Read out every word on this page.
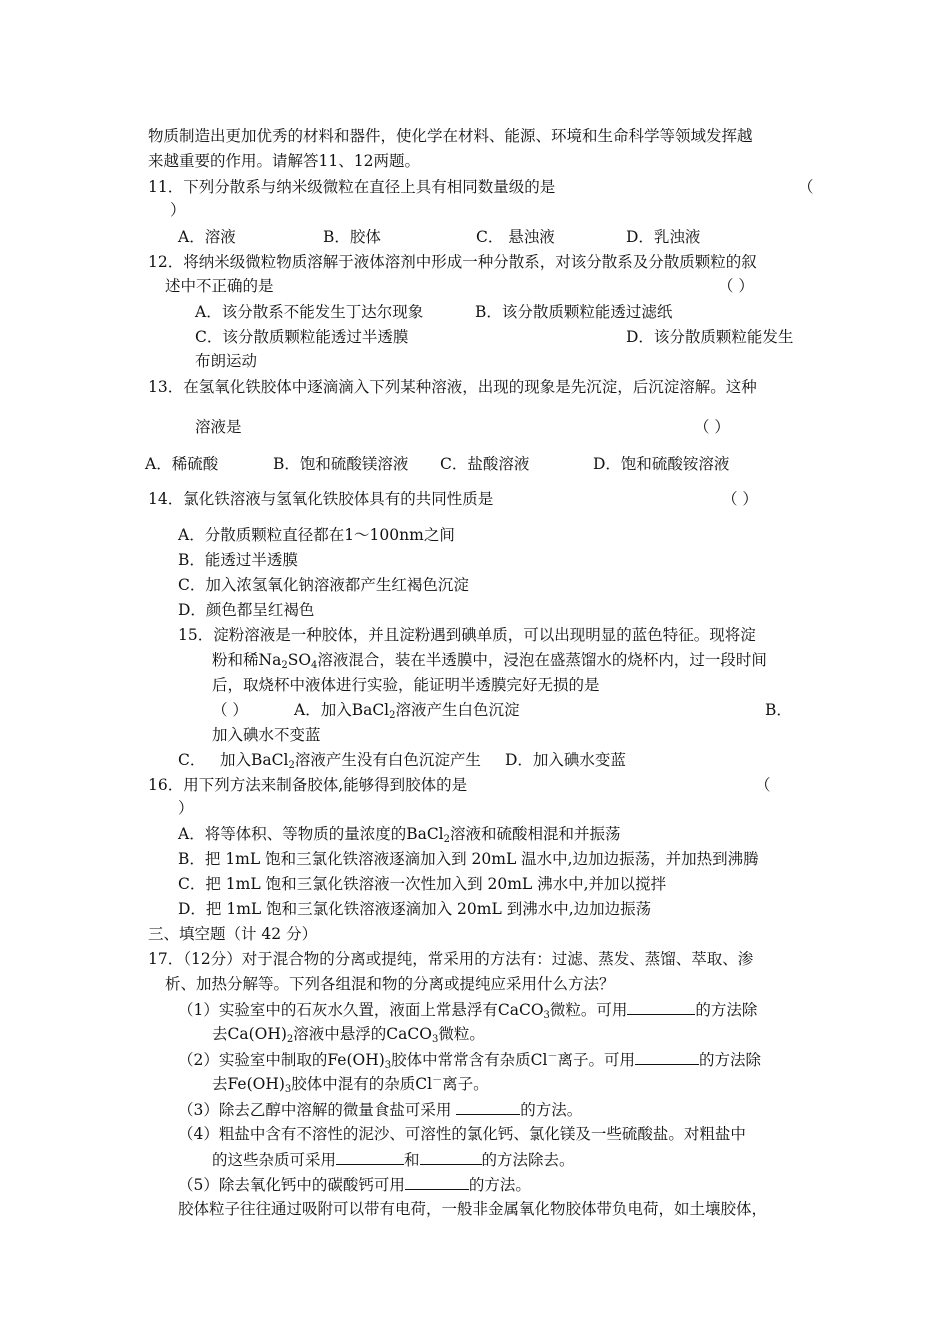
物质制造出更加优秀的材料和器件，使化学在材料、能源、环境和生命科学等领域发挥越
来越重要的作用。请解答11、12两题。
11．下列分散系与纳米级微粒在直径上具有相同数量级的是	（
）
A．溶液	B．胶体	C． 悬浊液	D．乳浊液
12．将纳米级微粒物质溶解于液体溶剂中形成一种分散系，对该分散系及分散质颗粒的叙
述中不正确的是	（ ）
A．该分散系不能发生丁达尔现象	B．该分散质颗粒能透过滤纸
C．该分散质颗粒能透过半透膜	D．该分散质颗粒能发生
布朗运动
13．在氢氧化铁胶体中逐滴滴入下列某种溶液，出现的现象是先沉淀，后沉淀溶解。这种
溶液是	（ ）
A．稀硫酸	B．饱和硫酸镁溶液 C．盐酸溶液	D．饱和硫酸铵溶液
14．氯化铁溶液与氢氧化铁胶体具有的共同性质是	（ ）
A．分散质颗粒直径都在1～100nm之间
B．能透过半透膜
C．加入浓氢氧化钠溶液都产生红褐色沉淀
D．颜色都呈红褐色
15．淀粉溶液是一种胶体，并且淀粉遇到碘单质，可以出现明显的蓝色特征。现将淀
粉和稀$Na_2SO_4$溶液混合，装在半透膜中，浸泡在盛蒸馏水的烧杯内，过一段时间
后，取烧杯中液体进行实验，能证明半透膜完好无损的是
（ ）	A．加入BaCl$_2$溶液产生白色沉淀	B．
加入碘水不变蓝
C． 加入BaCl$_2$溶液产生没有白色沉淀产生 D．加入碘水变蓝
16．用下列方法来制备胶体,能够得到胶体的是	（
）
A．将等体积、等物质的量浓度的BaCl$_2$溶液和硫酸相混和并振荡
B．把 1mL 饱和三氯化铁溶液逐滴加入到 20mL 温水中,边加边振荡，并加热到沸腾
C．把 1mL 饱和三氯化铁溶液一次性加入到 20mL 沸水中,并加以搅拌
D．把 1mL 饱和三氯化铁溶液逐滴加入 20mL 到沸水中,边加边振荡
三、填空题（计 42 分）
17．（12分）对于混合物的分离或提纯，常采用的方法有：过滤、蒸发、蒸馏、萃取、渗
析、加热分解等。下列各组混和物的分离或提纯应采用什么方法？
（1）实验室中的石灰水久置，液面上常悬浮有CaCO$_3$微粒。可用	的方法除
去$Ca(OH)_2$溶液中悬浮的CaCO$_3$微粒。
（2）实验室中制取的$Fe(OH)_3$胶体中常常含有杂质Cl－离子。可用	的方法除
去$Fe(OH)_3$胶体中混有的杂质Cl－离子。
（3）除去乙醇中溶解的微量食盐可采用	的方法。
（4）粗盐中含有不溶性的泥沙、可溶性的氯化钙、氯化镁及一些硫酸盐。对粗盐中
的这些杂质可采用	和	的方法除去。
（5）除去氧化钙中的碳酸钙可用	的方法。
胶体粒子往往通过吸附可以带有电荷，一般非金属氧化物胶体带负电荷，如土壤胶体，
